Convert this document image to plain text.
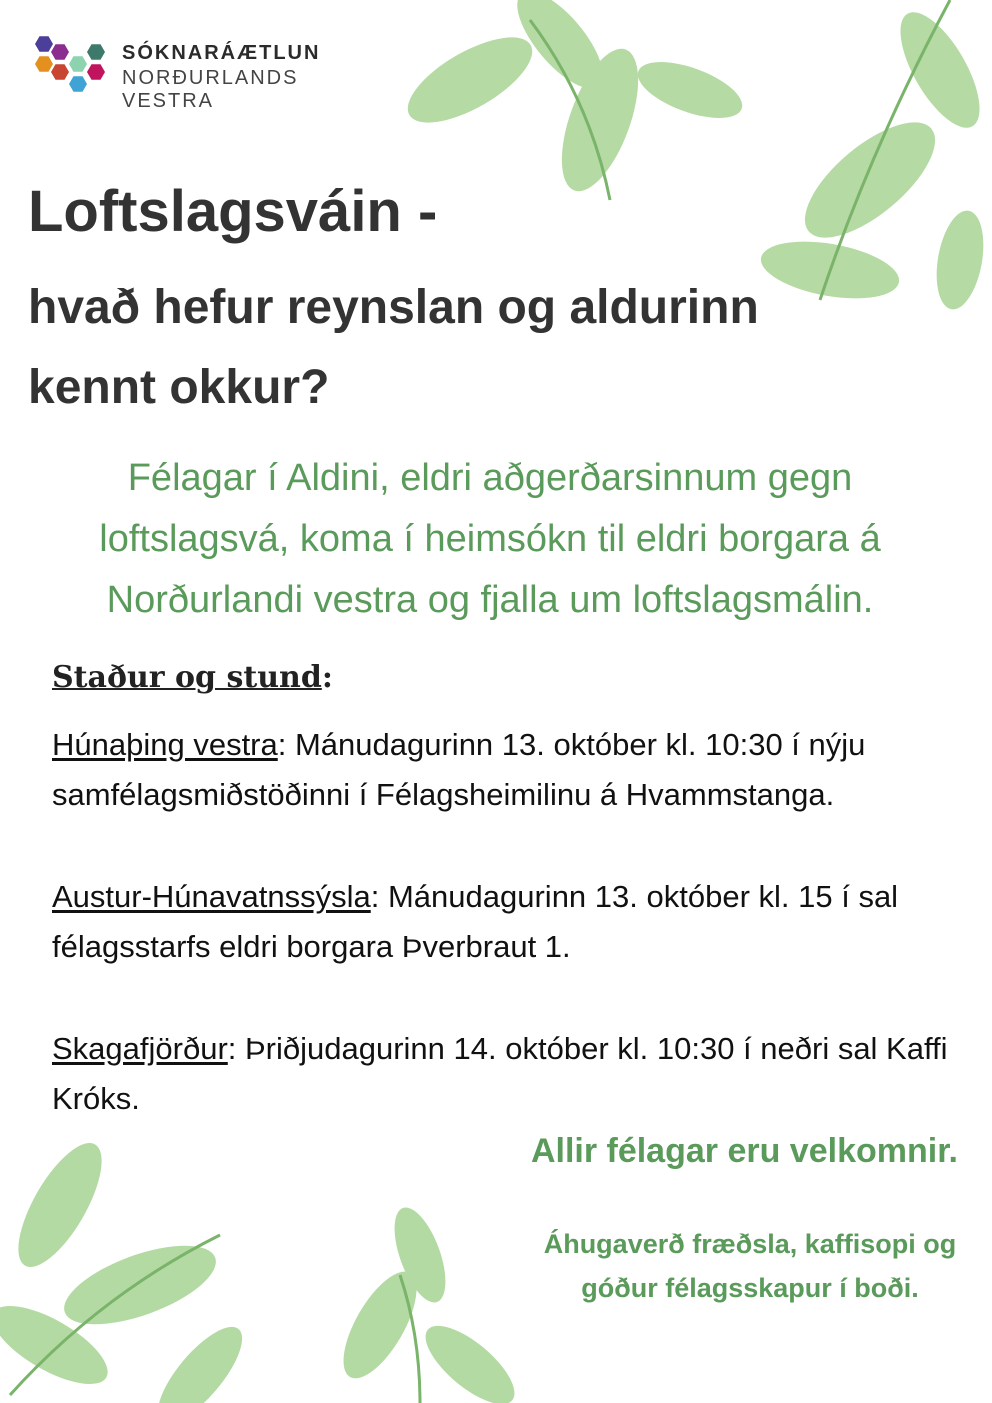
SÓKNARÁÆTLUN
NORÐURLANDS VESTRA
Loftslagsváin -

hvað hefur reynslan og aldurinn kennt okkur?

Félagar í Aldini, eldri aðgerðarsinnum gegn loftslagsvá, koma í heimsókn til eldri borgara á Norðurlandi vestra og fjalla um loftslagsmálin.
Staður og stund:
Húnaþing vestra: Mánudagurinn 13. október kl. 10:30 í nýju samfélagsmiðstöðinni í Félagsheimilinu á Hvammstanga.
Austur-Húnavatnssýsla: Mánudagurinn 13. október kl. 15 í sal félagsstarfs eldri borgara Þverbraut 1.
Skagafjörður: Þriðjudagurinn 14. október kl. 10:30 í neðri sal Kaffi Króks.
Allir félagar eru velkomnir.
Áhugaverð fræðsla, kaffisopi og góður félagsskapur í boði.
